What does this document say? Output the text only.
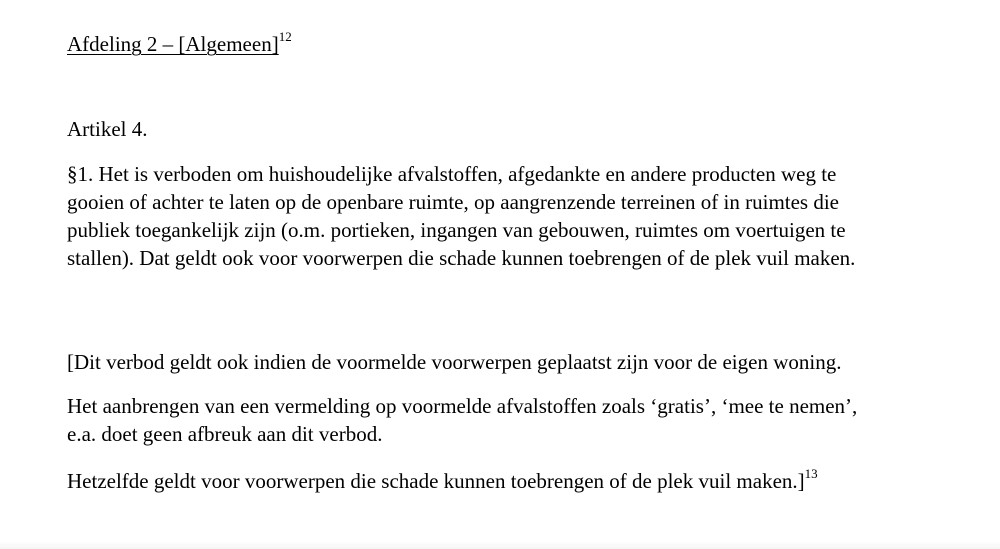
Afdeling 2 – [Algemeen]$^{12}$

Artikel 4.

§1. Het is verboden om huishoudelijke afvalstoffen, afgedankte en andere producten weg te
gooien of achter te laten op de openbare ruimte, op aangrenzende terreinen of in ruimtes die
publiek toegankelijk zijn (o.m. portieken, ingangen van gebouwen, ruimtes om voertuigen te
stallen). Dat geldt ook voor voorwerpen die schade kunnen toebrengen of de plek vuil maken.

[Dit verbod geldt ook indien de voormelde voorwerpen geplaatst zijn voor de eigen woning.

Het aanbrengen van een vermelding op voormelde afvalstoffen zoals ‘gratis’, ‘mee te nemen’,
e.a. doet geen afbreuk aan dit verbod.

Hetzelfde geldt voor voorwerpen die schade kunnen toebrengen of de plek vuil maken.]$^{13}$
